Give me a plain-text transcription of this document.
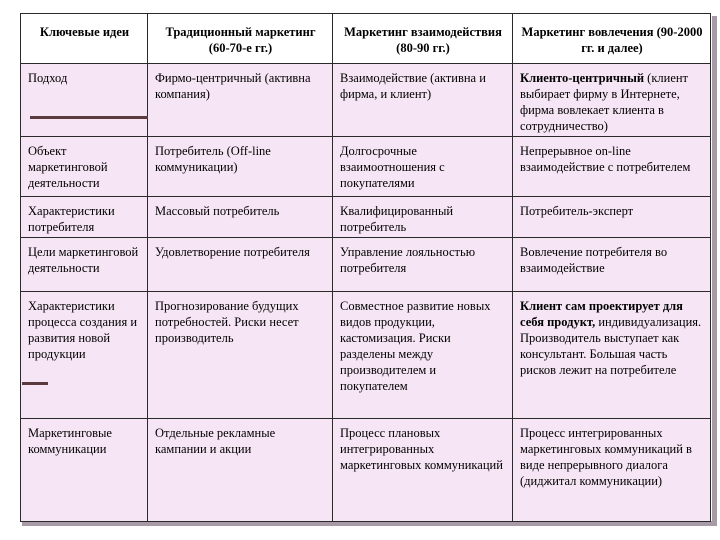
Ключевые идеи	Традиционный маркетинг (60-70-е гг.)	Маркетинг взаимодействия (80-90 гг.)	Маркетинг вовлечения (90-2000 гг. и далее)
Подход	Фирмо-центричный (активна компания)	Взаимодействие (активна и фирма, и клиент)	Клиенто-центричный (клиент выбирает фирму в Интернете, фирма вовлекает клиента в сотрудничество)
Объект маркетинговой деятельности	Потребитель (Off-line коммуникации)	Долгосрочные взаимоотношения с покупателями	Непрерывное on-line взаимодействие с потребителем
Характеристики потребителя	Массовый потребитель	Квалифицированный потребитель	Потребитель-эксперт
Цели маркетинговой деятельности	Удовлетворение потребителя	Управление лояльностью потребителя	Вовлечение потребителя во взаимодействие
Характеристики процесса создания и развития новой продукции	Прогнозирование будущих потребностей. Риски несет производитель	Совместное развитие новых видов продукции, кастомизация. Риски разделены между производителем и покупателем	Клиент сам проектирует для себя продукт, индивидуализация. Производитель выступает как консультант. Большая часть рисков лежит на потребителе
Маркетинговые коммуникации	Отдельные рекламные кампании и акции	Процесс плановых интегрированных маркетинговых коммуникаций	Процесс интегрированных маркетинговых коммуникаций в виде непрерывного диалога (диджитал коммуникации)
